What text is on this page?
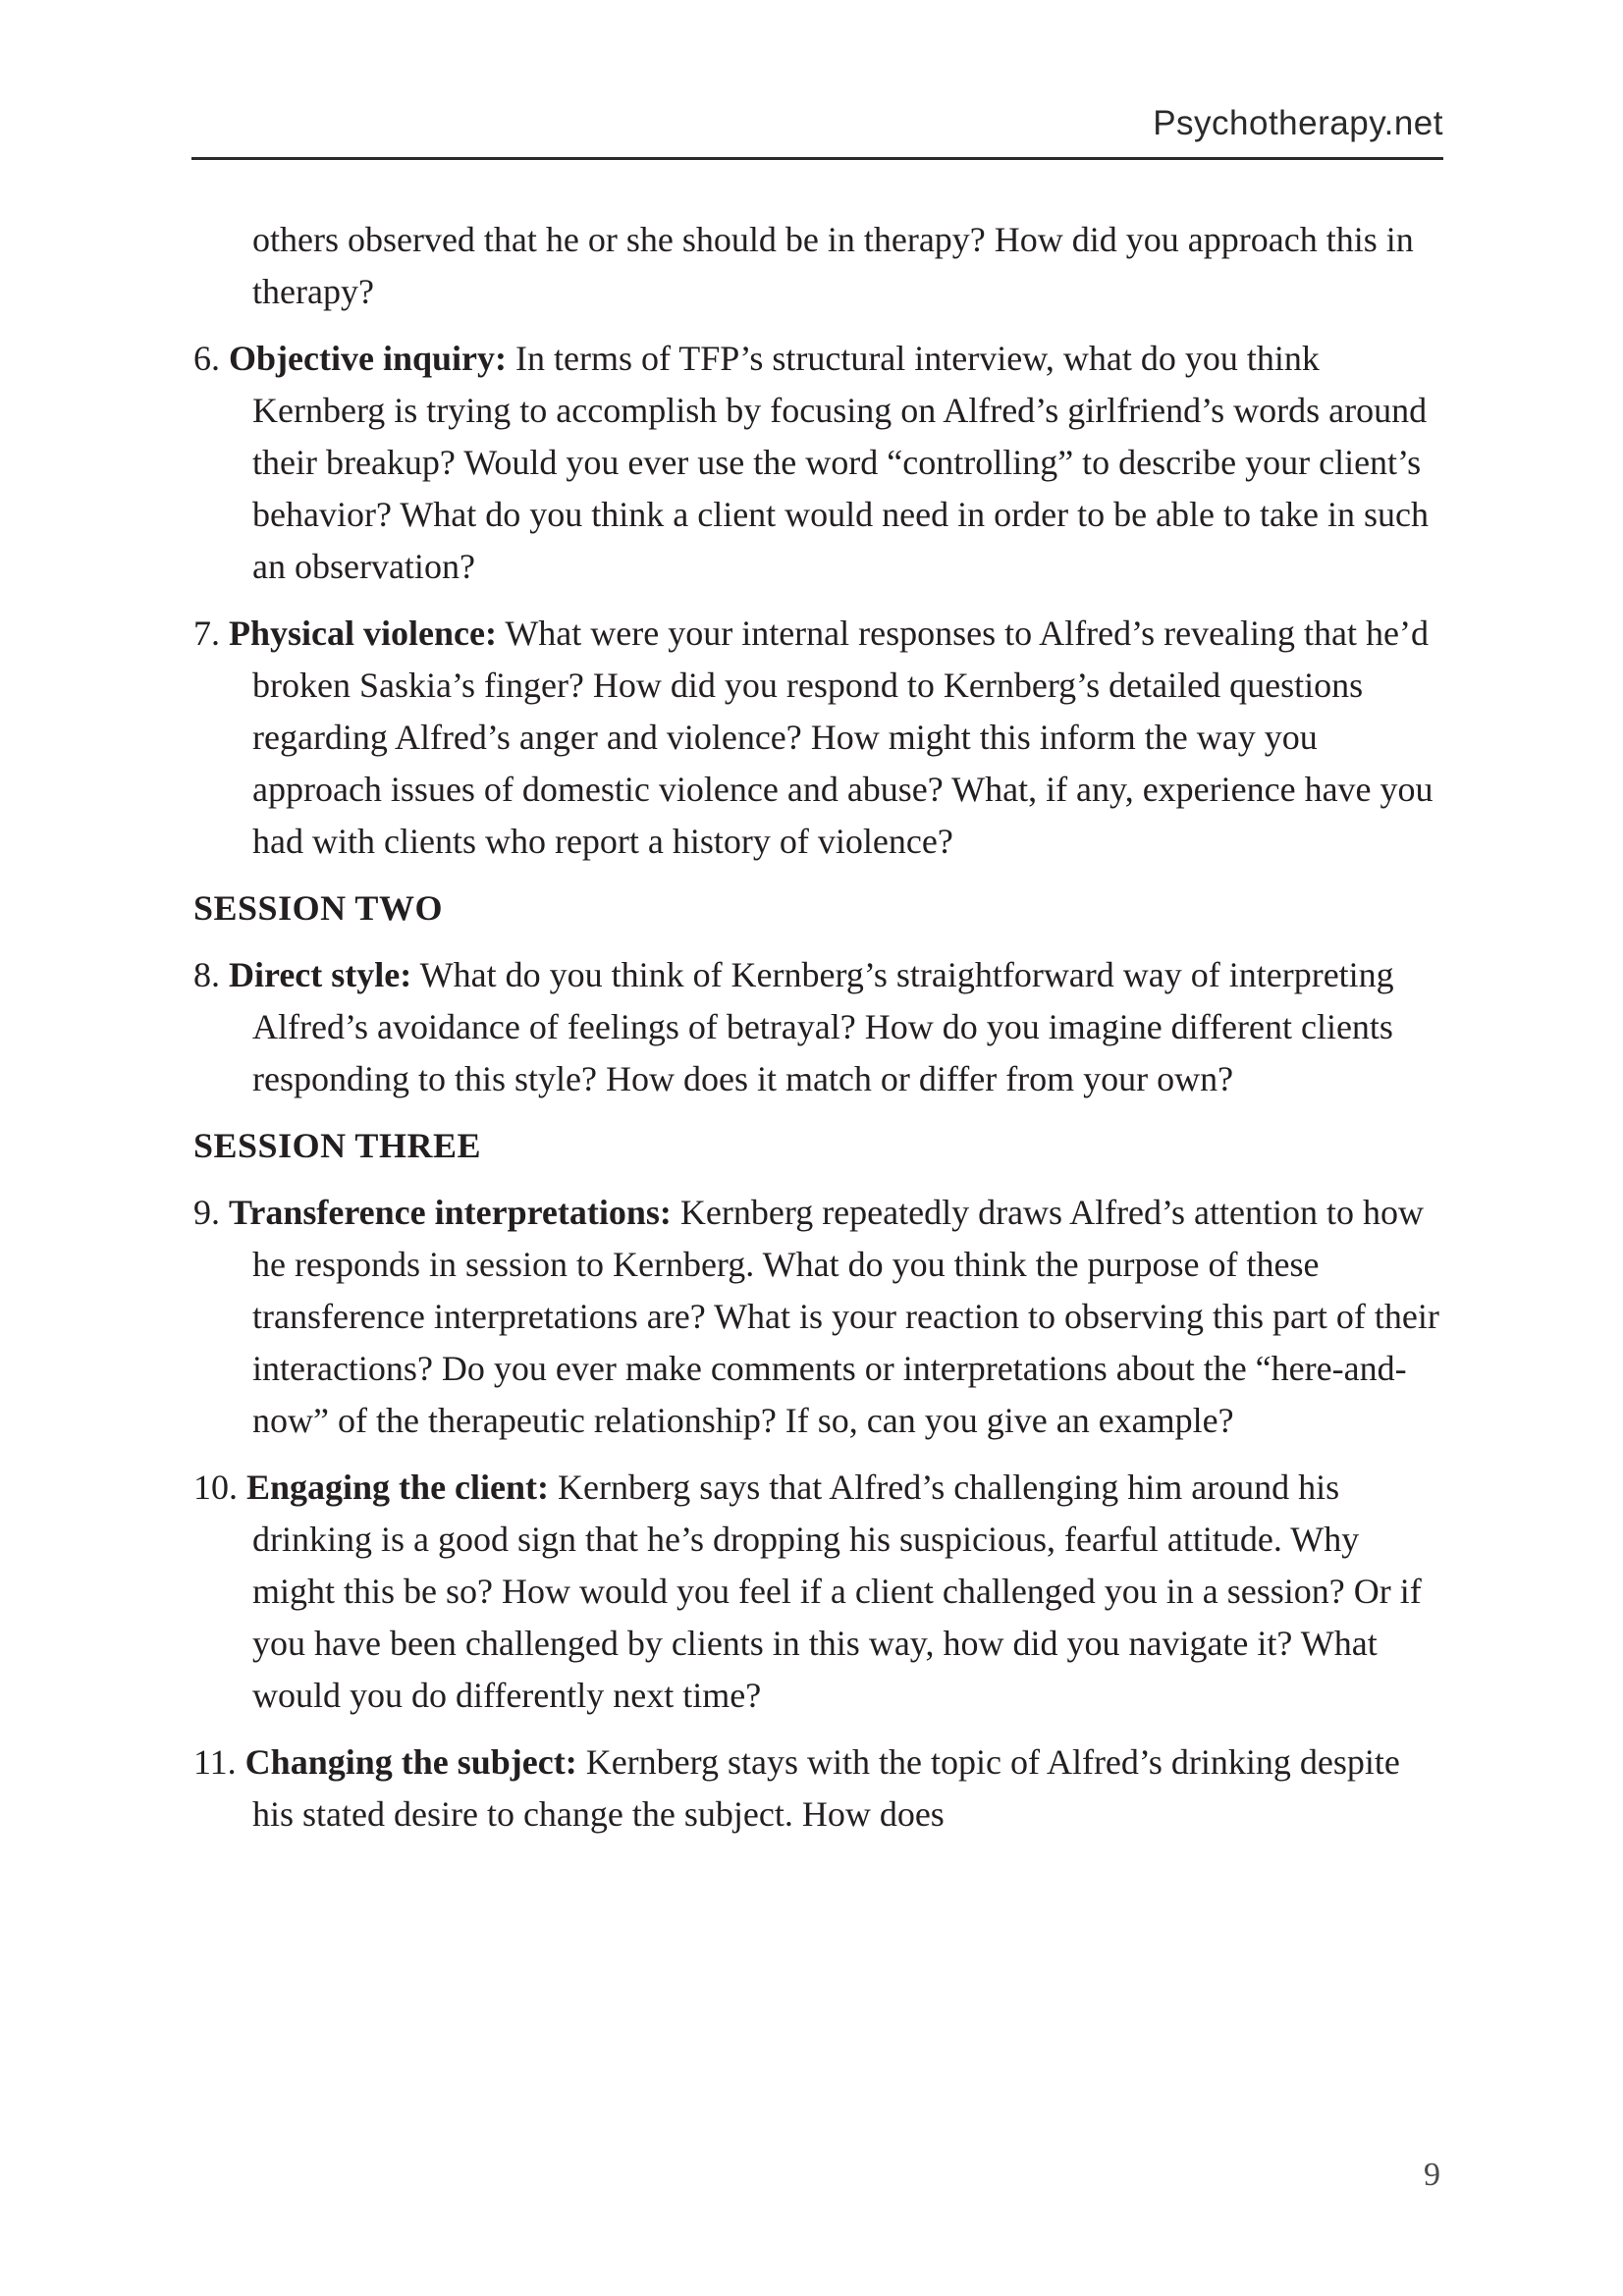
Psychotherapy.net

others observed that he or she should be in therapy? How did you approach this in therapy?

6. Objective inquiry: In terms of TFP’s structural interview, what do you think Kernberg is trying to accomplish by focusing on Alfred’s girlfriend’s words around their breakup? Would you ever use the word “controlling” to describe your client’s behavior? What do you think a client would need in order to be able to take in such an observation?

7. Physical violence: What were your internal responses to Alfred’s revealing that he’d broken Saskia’s finger? How did you respond to Kernberg’s detailed questions regarding Alfred’s anger and violence? How might this inform the way you approach issues of domestic violence and abuse? What, if any, experience have you had with clients who report a history of violence?

SESSION TWO

8. Direct style: What do you think of Kernberg’s straightforward way of interpreting Alfred’s avoidance of feelings of betrayal? How do you imagine different clients responding to this style? How does it match or differ from your own?

SESSION THREE

9. Transference interpretations: Kernberg repeatedly draws Alfred’s attention to how he responds in session to Kernberg. What do you think the purpose of these transference interpretations are? What is your reaction to observing this part of their interactions? Do you ever make comments or interpretations about the “here-and-now” of the therapeutic relationship? If so, can you give an example?

10. Engaging the client: Kernberg says that Alfred’s challenging him around his drinking is a good sign that he’s dropping his suspicious, fearful attitude. Why might this be so? How would you feel if a client challenged you in a session? Or if you have been challenged by clients in this way, how did you navigate it? What would you do differently next time?

11. Changing the subject: Kernberg stays with the topic of Alfred’s drinking despite his stated desire to change the subject. How does

9
